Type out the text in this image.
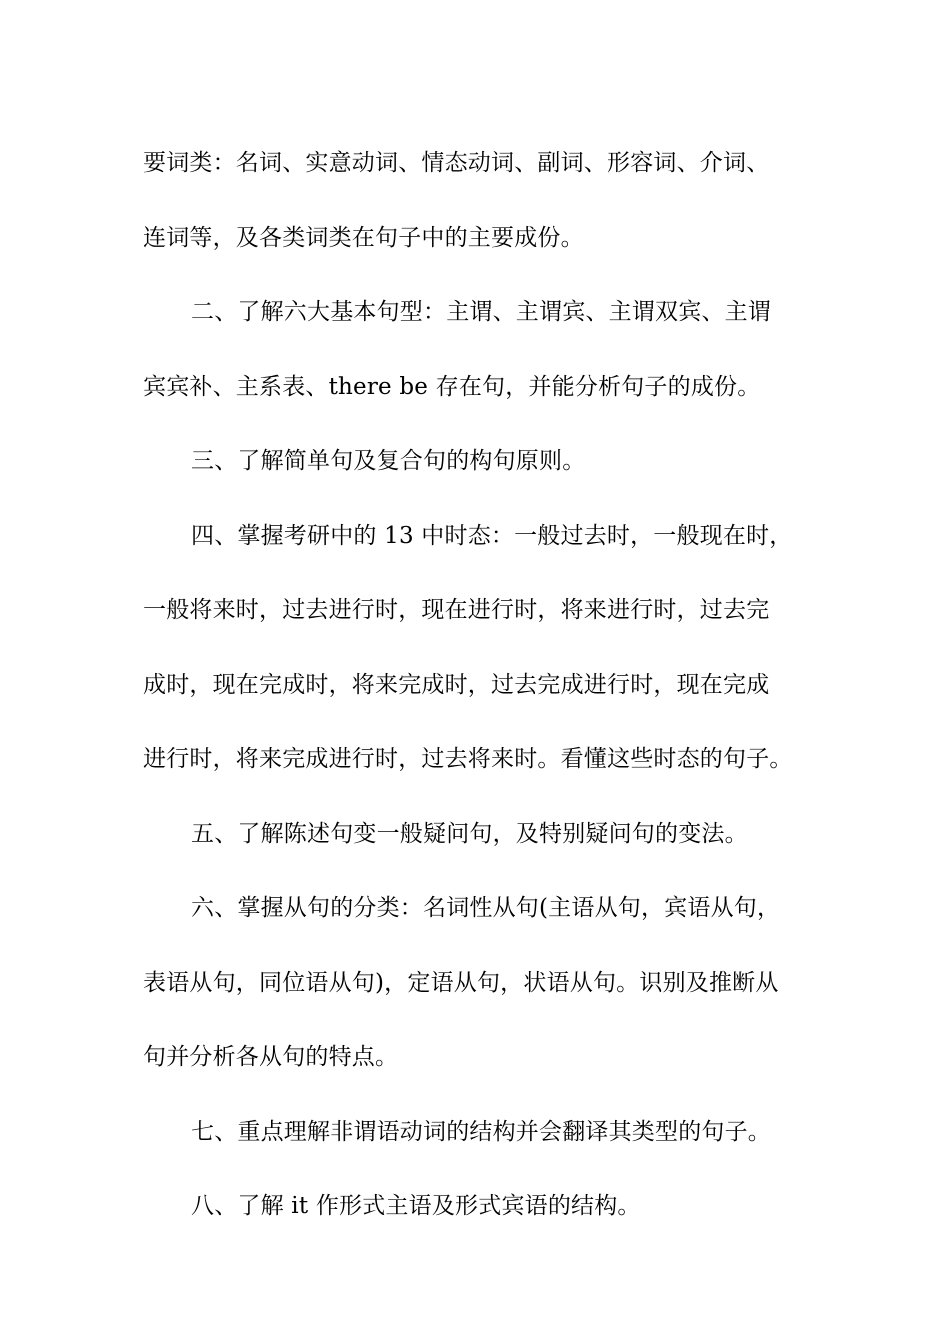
要词类：名词、实意动词、情态动词、副词、形容词、介词、
连词等，及各类词类在句子中的主要成份。
二、了解六大基本句型：主谓、主谓宾、主谓双宾、主谓
宾宾补、主系表、there be 存在句，并能分析句子的成份。
三、了解简单句及复合句的构句原则。
四、掌握考研中的 13 中时态：一般过去时，一般现在时，
一般将来时，过去进行时，现在进行时，将来进行时，过去完
成时，现在完成时，将来完成时，过去完成进行时，现在完成
进行时，将来完成进行时，过去将来时。看懂这些时态的句子。
五、了解陈述句变一般疑问句，及特别疑问句的变法。
六、掌握从句的分类：名词性从句(主语从句，宾语从句，
表语从句，同位语从句)，定语从句，状语从句。识别及推断从
句并分析各从句的特点。
七、重点理解非谓语动词的结构并会翻译其类型的句子。
八、了解 it 作形式主语及形式宾语的结构。
